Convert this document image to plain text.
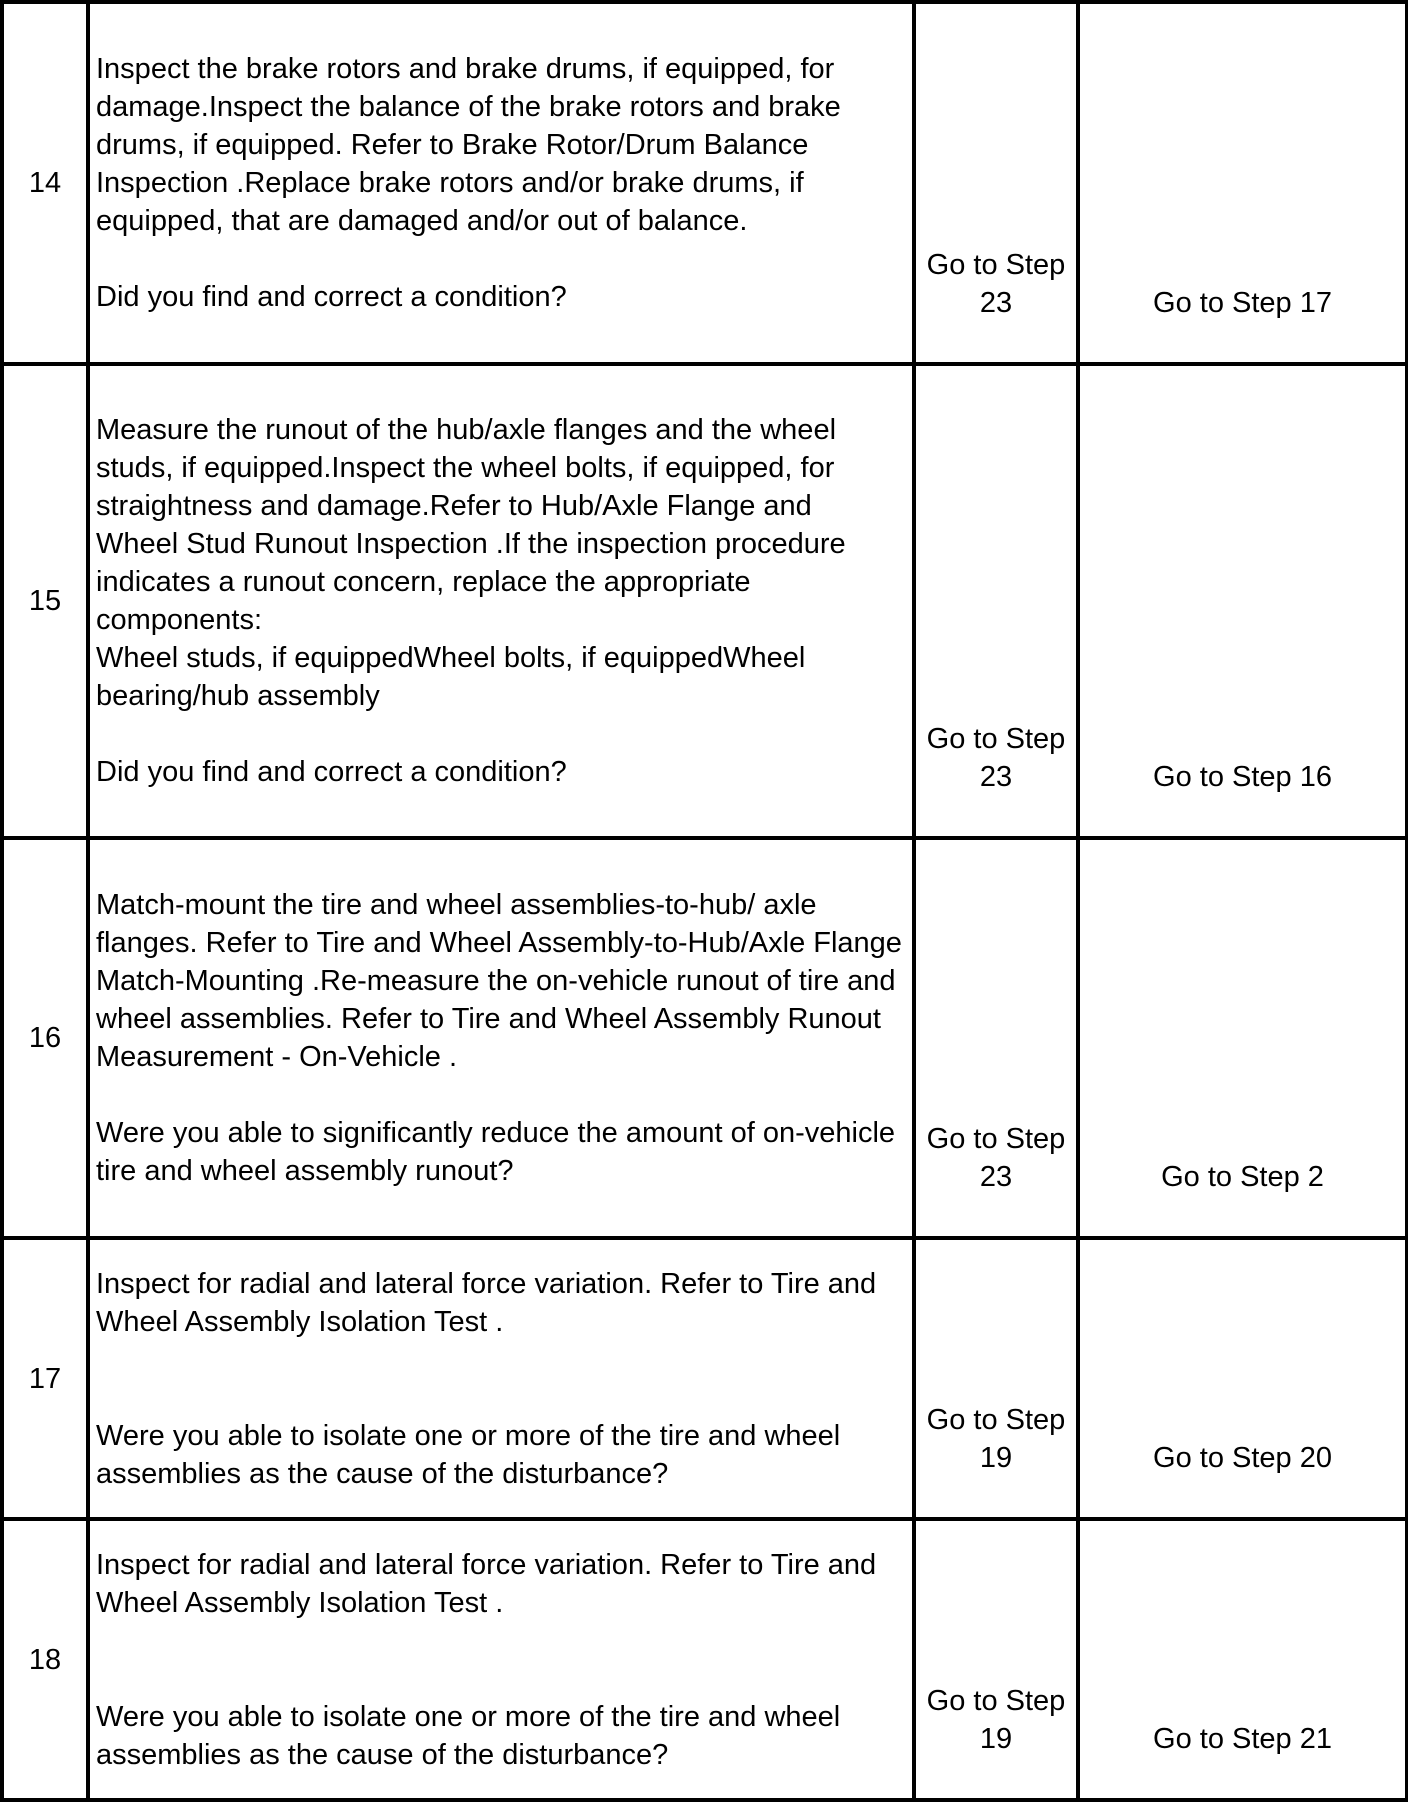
14	Inspect the brake rotors and brake drums, if equipped, for damage.Inspect the balance of the brake rotors and brake drums, if equipped. Refer to Brake Rotor/Drum Balance Inspection .Replace brake rotors and/or brake drums, if equipped, that are damaged and/or out of balance.

Did you find and correct a condition?	Go to Step 23	Go to Step 17
15	Measure the runout of the hub/axle flanges and the wheel studs, if equipped.Inspect the wheel bolts, if equipped, for straightness and damage.Refer to Hub/Axle Flange and Wheel Stud Runout Inspection .If the inspection procedure indicates a runout concern, replace the appropriate components:

Wheel studs, if equippedWheel bolts, if equippedWheel bearing/hub assembly

Did you find and correct a condition?	Go to Step 23	Go to Step 16
16	Match-mount the tire and wheel assemblies-to-hub/ axle flanges. Refer to Tire and Wheel Assembly-to-Hub/Axle Flange Match-Mounting .Re-measure the on-vehicle runout of tire and wheel assemblies. Refer to Tire and Wheel Assembly Runout Measurement - On-Vehicle .

Were you able to significantly reduce the amount of on-vehicle tire and wheel assembly runout?	Go to Step 23	Go to Step 2
17	Inspect for radial and lateral force variation. Refer to Tire and Wheel Assembly Isolation Test .

Were you able to isolate one or more of the tire and wheel assemblies as the cause of the disturbance?	Go to Step 19	Go to Step 20
18	Inspect for radial and lateral force variation. Refer to Tire and Wheel Assembly Isolation Test .

Were you able to isolate one or more of the tire and wheel assemblies as the cause of the disturbance?	Go to Step 19	Go to Step 21
